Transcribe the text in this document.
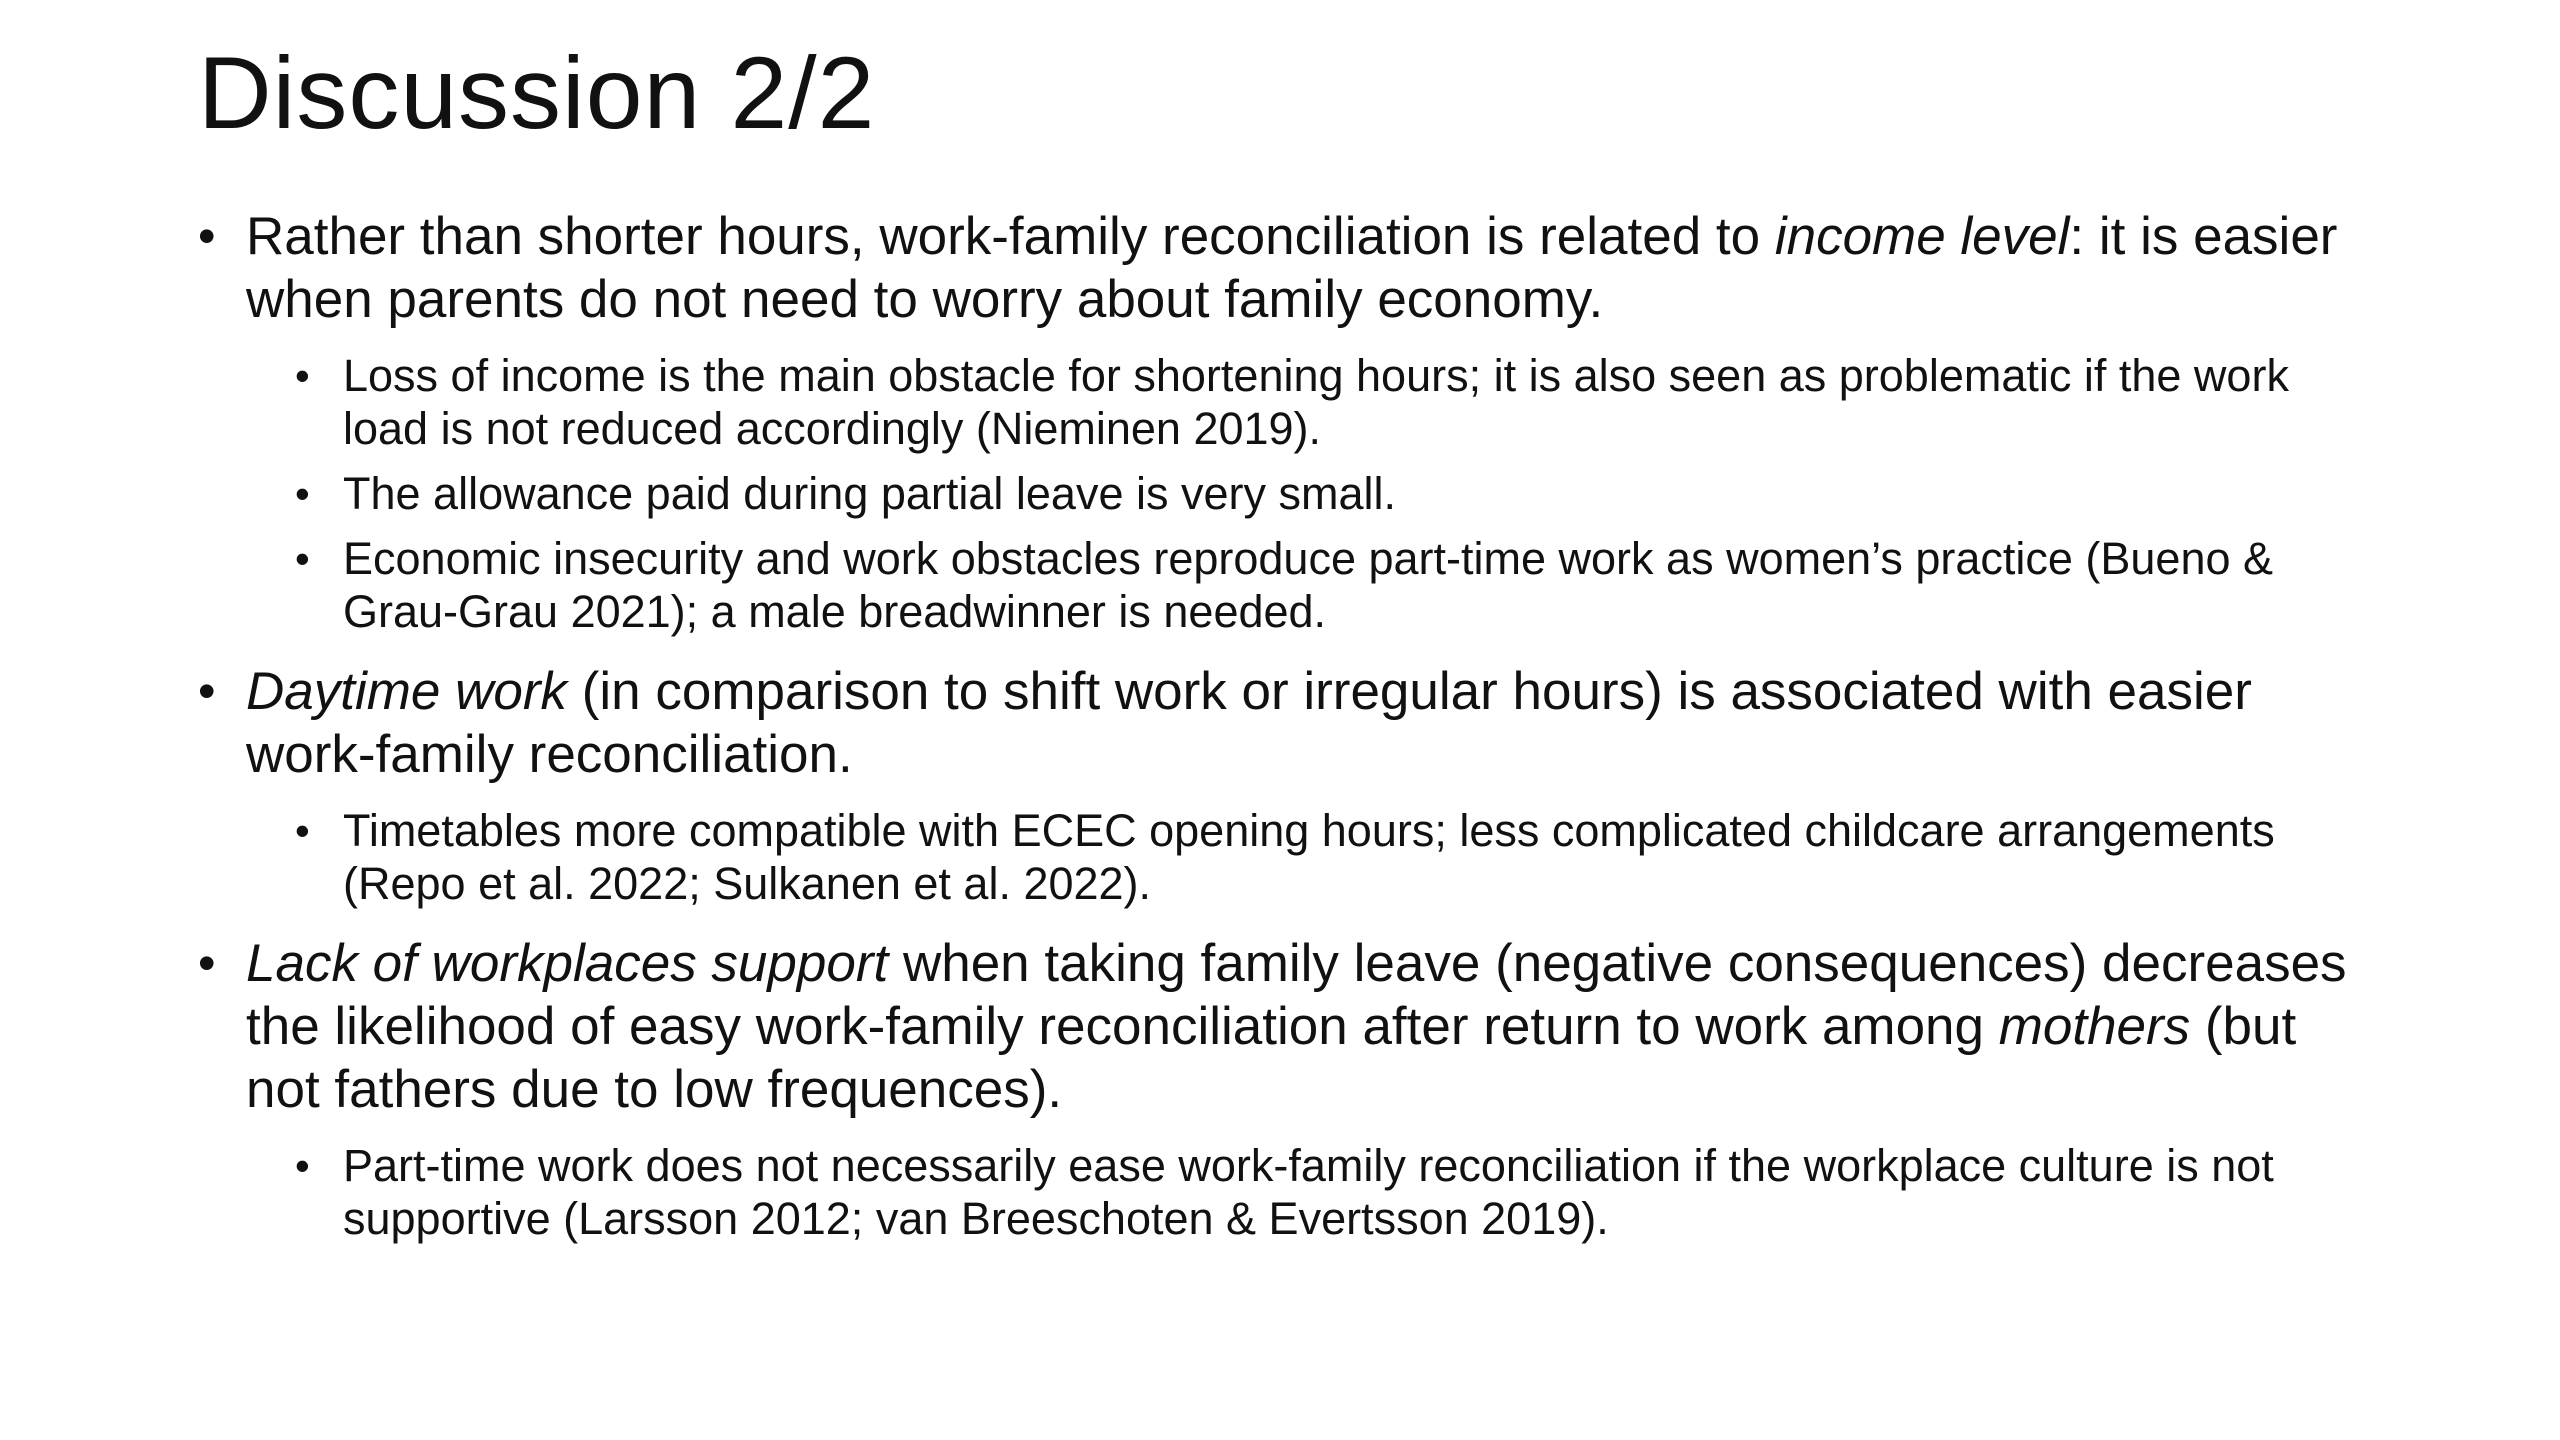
Discussion 2/2
• Rather than shorter hours, work-family reconciliation is related to income level: it is easier when parents do not need to worry about family economy.
• Loss of income is the main obstacle for shortening hours; it is also seen as problematic if the work load is not reduced accordingly (Nieminen 2019).
• The allowance paid during partial leave is very small.
• Economic insecurity and work obstacles reproduce part-time work as women’s practice (Bueno & Grau-Grau 2021); a male breadwinner is needed.
• Daytime work (in comparison to shift work or irregular hours) is associated with easier work-family reconciliation.
• Timetables more compatible with ECEC opening hours; less complicated childcare arrangements (Repo et al. 2022; Sulkanen et al. 2022).
• Lack of workplaces support when taking family leave (negative consequences) decreases the likelihood of easy work-family reconciliation after return to work among mothers (but not fathers due to low frequences).
• Part-time work does not necessarily ease work-family reconciliation if the workplace culture is not supportive (Larsson 2012; van Breeschoten & Evertsson 2019).
